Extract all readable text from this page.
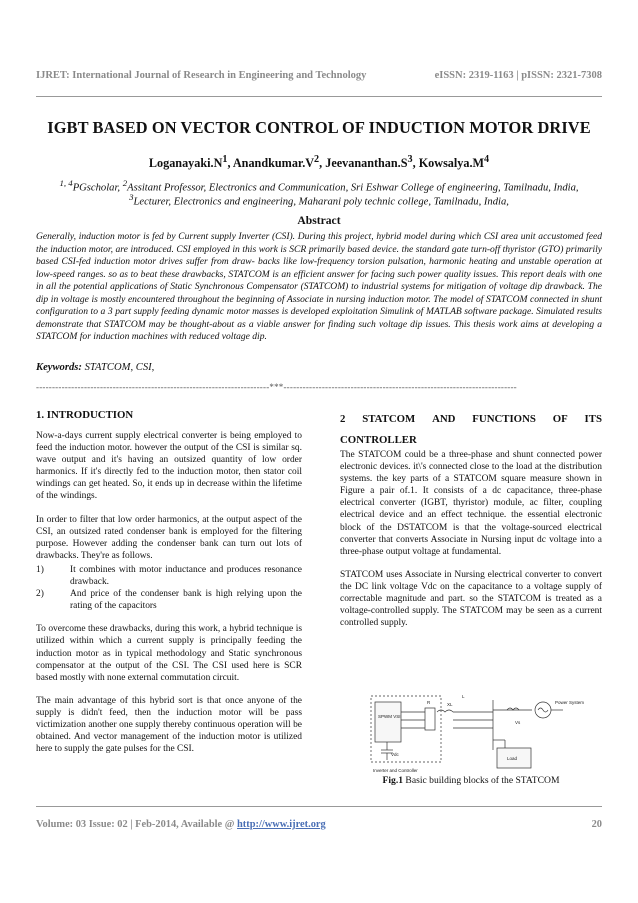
IJRET: International Journal of Research in Engineering and Technology	eISSN: 2319-1163 | pISSN: 2321-7308
IGBT BASED ON VECTOR CONTROL OF INDUCTION MOTOR DRIVE
$Loganayaki.N^1$, $Anandkumar.V^2$, $Jeevananthan.S^3$, $Kowsalya.M^4$
$^{1, 4}$PGscholar, $^2$Assitant Professor, Electronics and Communication, Sri Eshwar College of engineering, Tamilnadu, India,
$^3$Lecturer, Electronics and engineering, Maharani poly technic college, Tamilnadu, India,
Abstract
Generally, induction motor is fed by Current supply Inverter (CSI). During this project, hybrid model during which CSI area unit accustomed feed the induction motor, are introduced. CSI employed in this work is SCR primarily based device. the standard gate turn-off thyristor (GTO) primarily based CSI-fed induction motor drives suffer from draw- backs like low-frequency torsion pulsation, harmonic heating and unstable operation at low-speed ranges. so as to beat these drawbacks, STATCOM is an efficient answer for facing such power quality issues. This report deals with one in all the potential applications of Static Synchronous Compensator (STATCOM) to industrial systems for mitigation of voltage dip drawback. The dip in voltage is mostly encountered throughout the beginning of Associate in nursing induction motor. The model of STATCOM connected in shunt configuration to a 3 part supply feeding dynamic motor masses is developed exploitation Simulink of MATLAB software package. Simulated results demonstrate that STATCOM may be thought-about as a viable answer for finding such voltage dip issues. This thesis work aims at developing a STATCOM for induction machines with reduced voltage dip.
Keywords: STATCOM, CSI,
-------------------------------------------------------------------------***-------------------------------------------------------------------------
1. INTRODUCTION

Now-a-days current supply electrical converter is being employed to feed the induction motor. however the output of the CSI is similar sq. wave output and it's having an outsized quantity of low order harmonics. If it's directly fed to the induction motor, then stator coil windings can get heated. So, it ends up in decrease within the lifetime of the windings.

In order to filter that low order harmonics, at the output aspect of the CSI, an outsized rated condenser bank is employed for the filtering purpose. However adding the condenser bank can turn out lots of drawbacks. They're as follows.

1)	It combines with motor inductance and produces resonance drawback.
2)	And price of the condenser bank is high relying upon the rating of the capacitors

To overcome these drawbacks, during this work, a hybrid technique is utilized within which a current supply is principally feeding the induction motor as in typical methodology and Static synchronous compensator at the output of the CSI. The CSI used here is SCR based mostly with none external commutation circuit.

The main advantage of this hybrid sort is that once anyone of the supply is didn't feed, then the induction motor will be pass victimization another one supply thereby continuous operation will be obtained. And vector management of the induction motor is utilized here to supply the gate pulses for the CSI.

2 STATCOM AND FUNCTIONS OF ITS
CONTROLLER

The STATCOM could be a three-phase and shunt connected power electronic devices. it\'s connected close to the load at the distribution systems. the key parts of a STATCOM square measure shown in Figure a pair of.1. It consists of a dc capacitance, three-phase electrical converter (IGBT, thyristor) module, ac filter, coupling electrical device and an effect technique. the essential electronic block of the DSTATCOM is that the voltage-sourced electrical converter that converts Associate in Nursing input dc voltage into a three-phase output voltage at fundamental.

STATCOM uses Associate in Nursing electrical converter to convert the DC link voltage Vdc on the capacitance to a voltage supply of correctable magnitude and part. so the STATCOM is treated as a voltage-controlled supply. The STATCOM may be seen as a current controlled supply.

SPWM VSI
Vdc
Inverter and Controller
R
L
XL
Vs
Power System
Load
Fig.1 Basic building blocks of the STATCOM
Volume: 03 Issue: 02 | Feb-2014, Available @ http://www.ijret.org	20
